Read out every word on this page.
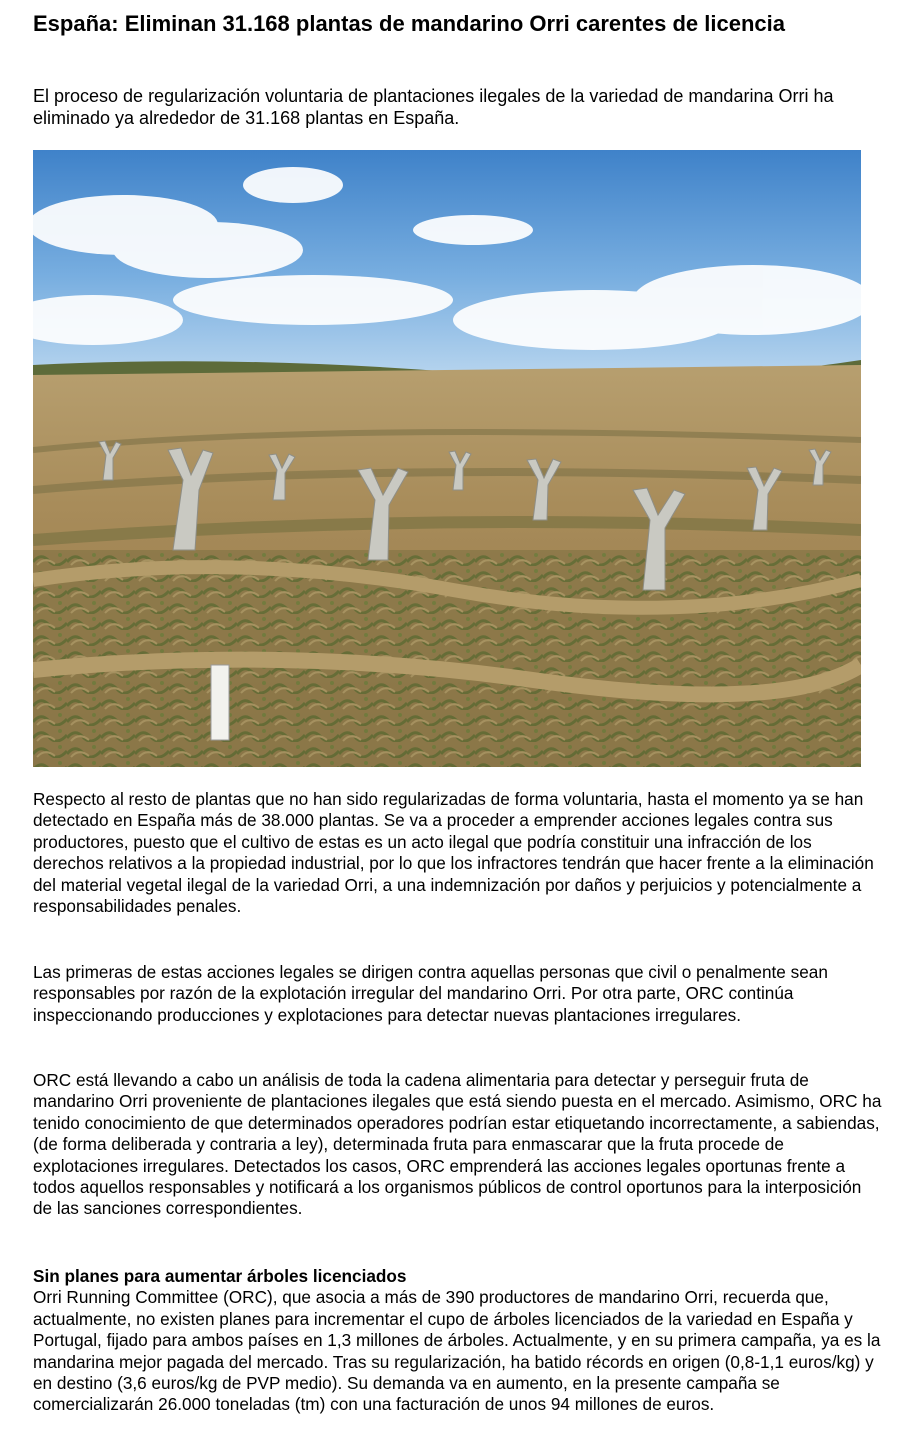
España: Eliminan 31.168 plantas de mandarino Orri carentes de licencia

El proceso de regularización voluntaria de plantaciones ilegales de la variedad de mandarina Orri ha eliminado ya alrededor de 31.168 plantas en España.

Respecto al resto de plantas que no han sido regularizadas de forma voluntaria, hasta el momento ya se han detectado en España más de 38.000 plantas. Se va a proceder a emprender acciones legales contra sus productores, puesto que el cultivo de estas es un acto ilegal que podría constituir una infracción de los derechos relativos a la propiedad industrial, por lo que los infractores tendrán que hacer frente a la eliminación del material vegetal ilegal de la variedad Orri, a una indemnización por daños y perjuicios y potencialmente a responsabilidades penales.

Las primeras de estas acciones legales se dirigen contra aquellas personas que civil o penalmente sean responsables por razón de la explotación irregular del mandarino Orri. Por otra parte, ORC continúa inspeccionando producciones y explotaciones para detectar nuevas plantaciones irregulares.

ORC está llevando a cabo un análisis de toda la cadena alimentaria para detectar y perseguir fruta de mandarino Orri proveniente de plantaciones ilegales que está siendo puesta en el mercado. Asimismo, ORC ha tenido conocimiento de que determinados operadores podrían estar etiquetando incorrectamente, a sabiendas, (de forma deliberada y contraria a ley), determinada fruta para enmascarar que la fruta procede de explotaciones irregulares. Detectados los casos, ORC emprenderá las acciones legales oportunas frente a todos aquellos responsables y notificará a los organismos públicos de control oportunos para la interposición de las sanciones correspondientes.

Sin planes para aumentar árboles licenciados
Orri Running Committee (ORC), que asocia a más de 390 productores de mandarino Orri, recuerda que, actualmente, no existen planes para incrementar el cupo de árboles licenciados de la variedad en España y Portugal, fijado para ambos países en 1,3 millones de árboles. Actualmente, y en su primera campaña, ya es la mandarina mejor pagada del mercado. Tras su regularización, ha batido récords en origen (0,8-1,1 euros/kg) y en destino (3,6 euros/kg de PVP medio). Su demanda va en aumento, en la presente campaña se comercializarán 26.000 toneladas (tm) con una facturación de unos 94 millones de euros.
